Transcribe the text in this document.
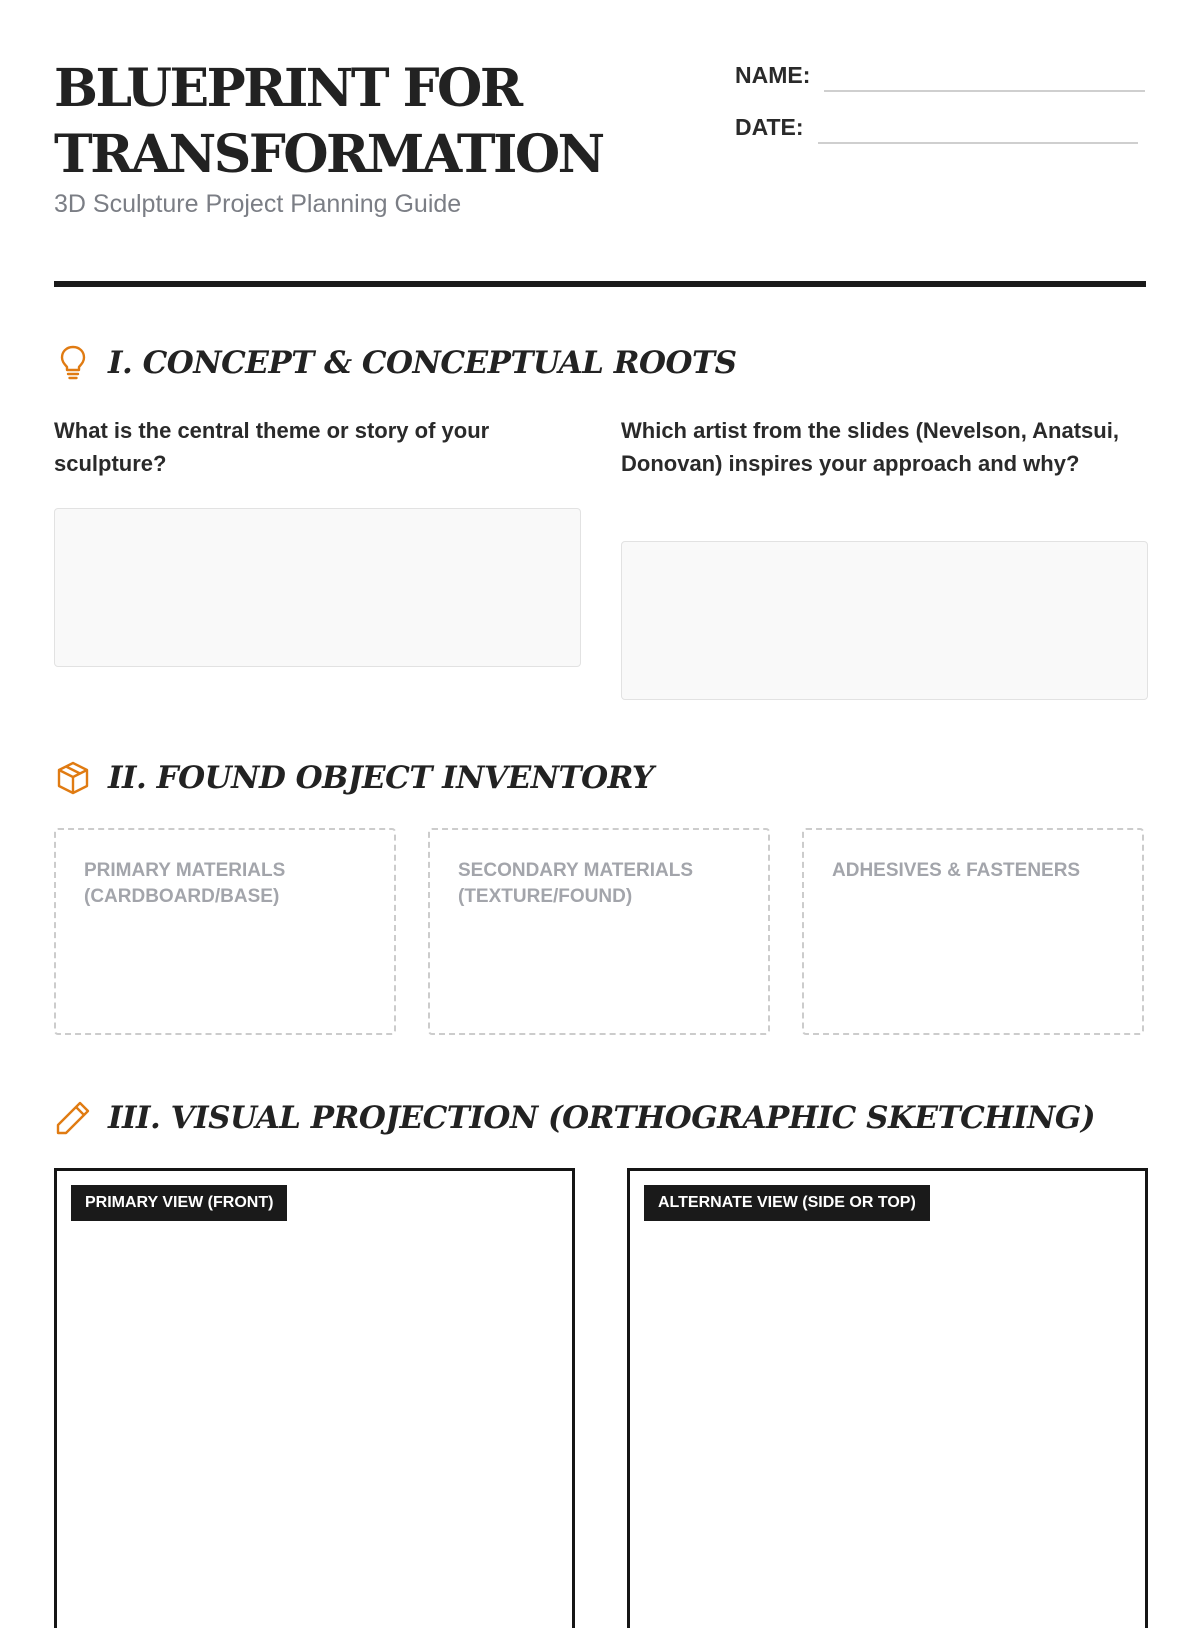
BLUEPRINT FOR
TRANSFORMATION
3D Sculpture Project Planning Guide
NAME:
DATE:
I. CONCEPT & CONCEPTUAL ROOTS
What is the central theme or story of your sculpture?
Which artist from the slides (Nevelson, Anatsui, Donovan) inspires your approach and why?
II. FOUND OBJECT INVENTORY
PRIMARY MATERIALS (CARDBOARD/BASE)
SECONDARY MATERIALS (TEXTURE/FOUND)
ADHESIVES & FASTENERS
III. VISUAL PROJECTION (ORTHOGRAPHIC SKETCHING)
PRIMARY VIEW (FRONT)	ALTERNATE VIEW (SIDE OR TOP)
